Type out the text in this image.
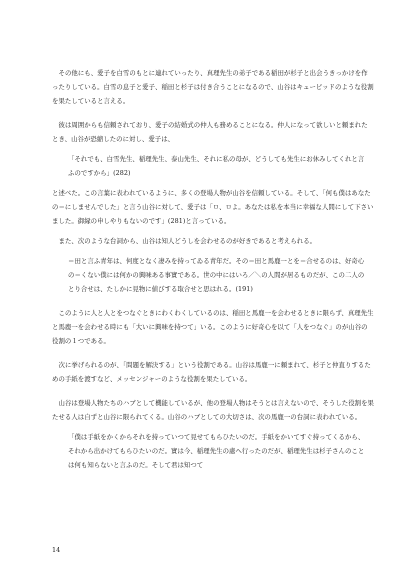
その他にも、愛子を白雪のもとに連れていったり、真理先生の弟子である稲田が杉子と出会うきっかけを作ったりしている。白雪の息子と愛子、稲田と杉子は付き合うことになるので、山谷はキューピッドのような役割を果たしていると言える。

彼は周囲からも信頼されており、愛子の結婚式の仲人も務めることになる。仲人になって欲しいと頼まれたとき、山谷が恐縮したのに対し、愛子は、

「それでも、白雪先生、稲理先生、泰山先生、それに私の母が、どうしても先生にお休みしてくれと言ふのですから」(282)

と述べた。この言葉に表われているように、多くの登場人物が山谷を信頼している。そして、「何も僕はあなたの＝にしませんでした」と言う山谷に対して、愛子は「ㅁ、ㅁよ。あなたは私を本当に幸福な人間にして下さいました。御縁の申しやりもないのです」(281)と言っている。

また、次のような台詞から、山谷は知人どうしを会わせるのが好きであると考えられる。

＝田と言ふ青年は、何度となく凄みを持ってゐる青年だ。その＝田と馬鹿一とを＝合せるのは、好奇心の＝くない僕には何かの興味ある事實である。世の中にはいろ／＼の人間が居るものだが、この二人のとり合せは、たしかに見物に値びする取合せと思はれる。(191)

このように人と人とをつなぐときにわくわくしているのは、稲田と馬鹿一を会わせるときに限らず、真理先生と馬鹿一を会わせる時にも「大いに興味を持つて」いる。このように好奇心を以て「人をつなぐ」のが山谷の役割の１つである。

次に挙げられるのが、「問題を解決する」という役割である。山谷は馬鹿一に頼まれて、杉子と仲直りするための手紙を渡すなど、メッセンジャーのような役割を果たしている。

山谷は登場人物たちのハブとして機能しているが、他の登場人物はそうとは言えないので、そうした役割を果たせる人は自ずと山谷に限られてくる。山谷のハブとしての大切さは、次の馬鹿一の台詞に表われている。

「僕は手紙をかくからそれを持っていつて見せてもらひたいのだ。手紙をかいてすぐ持ってくるから、それから出かけてもらひたいのだ。實は今、稲理先生の處へ行ったのだが、稲理先生は杉子さんのことは何も知らないと言ふのだ。そして君は知つて

14
